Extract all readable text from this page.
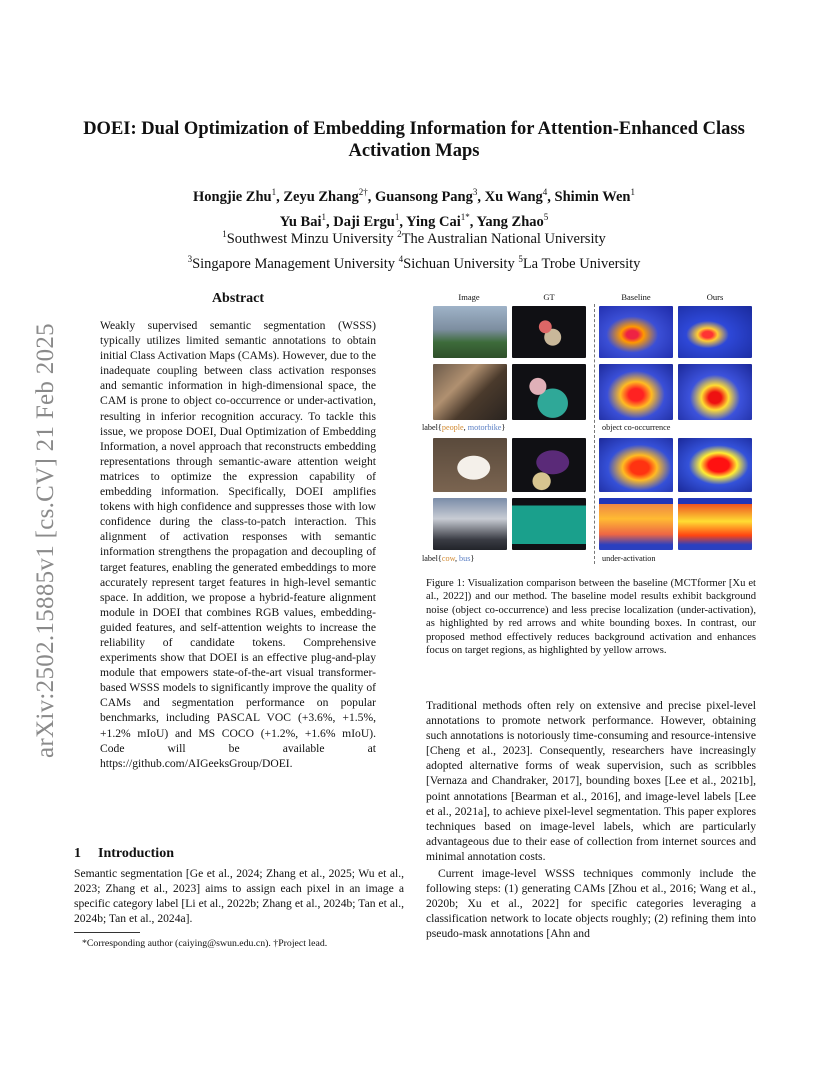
arXiv:2502.15885v1 [cs.CV] 21 Feb 2025
DOEI: Dual Optimization of Embedding Information for Attention-Enhanced Class Activation Maps
Hongjie Zhu$^1$, Zeyu Zhang$^{2\dagger}$, Guansong Pang$^3$, Xu Wang$^4$, Shimin Wen$^1$
Yu Bai$^1$, Daji Ergu$^1$, Ying Cai$^{1*}$, Yang Zhao$^5$
$^1$Southwest Minzu University $^2$The Australian National University
$^3$Singapore Management University $^4$Sichuan University $^5$La Trobe University
Abstract
Weakly supervised semantic segmentation (WSSS) typically utilizes limited semantic annotations to obtain initial Class Activation Maps (CAMs). However, due to the inadequate coupling between class activation responses and semantic information in high-dimensional space, the CAM is prone to object co-occurrence or under-activation, resulting in inferior recognition accuracy. To tackle this issue, we propose DOEI, Dual Optimization of Embedding Information, a novel approach that reconstructs embedding representations through semantic-aware attention weight matrices to optimize the expression capability of embedding information. Specifically, DOEI amplifies tokens with high confidence and suppresses those with low confidence during the class-to-patch interaction. This alignment of activation responses with semantic information strengthens the propagation and decoupling of target features, enabling the generated embeddings to more accurately represent target features in high-level semantic space. In addition, we propose a hybrid-feature alignment module in DOEI that combines RGB values, embedding-guided features, and self-attention weights to increase the reliability of candidate tokens. Comprehensive experiments show that DOEI is an effective plug-and-play module that empowers state-of-the-art visual transformer-based WSSS models to significantly improve the quality of CAMs and segmentation performance on popular benchmarks, including PASCAL VOC (+3.6%, +1.5%, +1.2% mIoU) and MS COCO (+1.2%, +1.6% mIoU). Code will be available at https://github.com/AIGeeksGroup/DOEI.
1 Introduction
Semantic segmentation [Ge et al., 2024; Zhang et al., 2025; Wu et al., 2023; Zhang et al., 2023] aims to assign each pixel in an image a specific category label [Li et al., 2022b; Zhang et al., 2024b; Tan et al., 2024b; Tan et al., 2024a].
*Corresponding author (caiying@swun.edu.cn). †Project lead.
Image	GT	Baseline	Ours
label{people, motorbike}	object co-occurrence
label{cow, bus}	under-activation
Figure 1: Visualization comparison between the baseline (MCTformer [Xu et al., 2022]) and our method. The baseline model results exhibit background noise (object co-occurrence) and less precise localization (under-activation), as highlighted by red arrows and white bounding boxes. In contrast, our proposed method effectively reduces background activation and enhances focus on target regions, as highlighted by yellow arrows.

Traditional methods often rely on extensive and precise pixel-level annotations to promote network performance. However, obtaining such annotations is notoriously time-consuming and resource-intensive [Cheng et al., 2023]. Consequently, researchers have increasingly adopted alternative forms of weak supervision, such as scribbles [Vernaza and Chandraker, 2017], bounding boxes [Lee et al., 2021b], point annotations [Bearman et al., 2016], and image-level labels [Lee et al., 2021a], to achieve pixel-level segmentation. This paper explores techniques based on image-level labels, which are particularly advantageous due to their ease of collection from internet sources and minimal annotation costs.

Current image-level WSSS techniques commonly include the following steps: (1) generating CAMs [Zhou et al., 2016; Wang et al., 2020b; Xu et al., 2022] for specific categories leveraging a classification network to locate objects roughly; (2) refining them into pseudo-mask annotations [Ahn and
